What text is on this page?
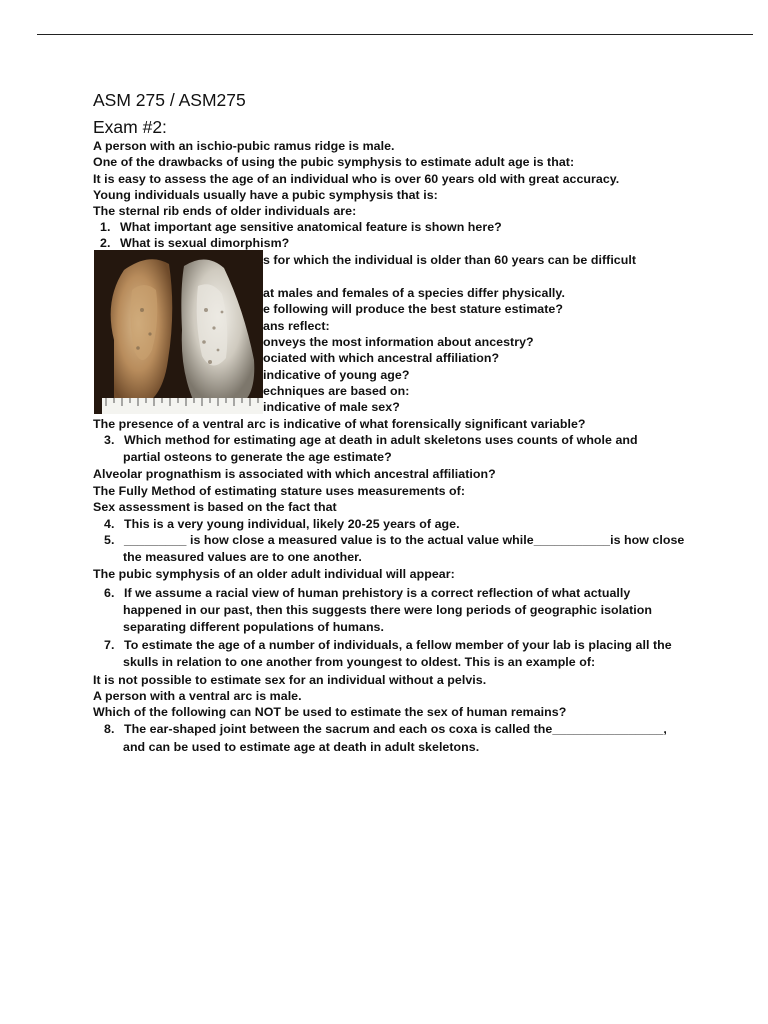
ASM 275 / ASM275
Exam #2:
A person with an ischio-pubic ramus ridge is male.
One of the drawbacks of using the pubic symphysis to estimate adult age is that:
It is easy to assess the age of an individual who is over 60 years old with great accuracy.
Young individuals usually have a pubic symphysis that is:
The sternal rib ends of older individuals are:
1. What important age sensitive anatomical feature is shown here?
2. What is sexual dimorphism?
s for which the individual is older than 60 years can be difficult
at males and females of a species differ physically.
e following will produce the best stature estimate?
ans reflect:
onveys the most information about ancestry?
ociated with which ancestral affiliation?
indicative of young age?
echniques are based on:
indicative of male sex?
The presence of a ventral arc is indicative of what forensically significant variable?
3. Which method for estimating age at death in adult skeletons uses counts of whole and
partial osteons to generate the age estimate?
Alveolar prognathism is associated with which ancestral affiliation?
The Fully Method of estimating stature uses measurements of:
Sex assessment is based on the fact that
4. This is a very young individual, likely 20-25 years of age.
5. _________ is how close a measured value is to the actual value while___________is how close
the measured values are to one another.
The pubic symphysis of an older adult individual will appear:
6. If we assume a racial view of human prehistory is a correct reflection of what actually
happened in our past, then this suggests there were long periods of geographic isolation
separating different populations of humans.
7. To estimate the age of a number of individuals, a fellow member of your lab is placing all the
skulls in relation to one another from youngest to oldest. This is an example of:
It is not possible to estimate sex for an individual without a pelvis.
A person with a ventral arc is male.
Which of the following can NOT be used to estimate the sex of human remains?
8. The ear-shaped joint between the sacrum and each os coxa is called the________________,
and can be used to estimate age at death in adult skeletons.
